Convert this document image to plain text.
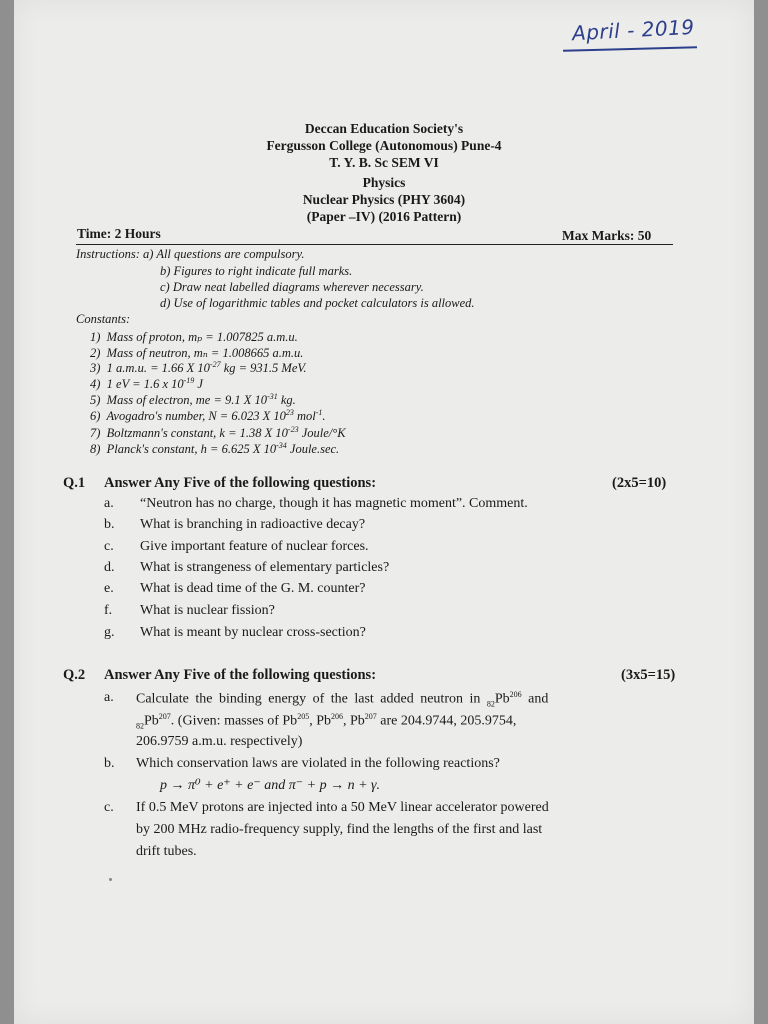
April - 2019
Deccan Education Society's
Fergusson College (Autonomous) Pune-4
T. Y. B. Sc SEM VI
Physics
Nuclear Physics (PHY 3604)
(Paper –IV) (2016 Pattern)
Time: 2 Hours	Max Marks: 50
Instructions: a) All questions are compulsory.
b) Figures to right indicate full marks.
c) Draw neat labelled diagrams wherever necessary.
d) Use of logarithmic tables and pocket calculators is allowed.
Constants:
1) Mass of proton, mₚ = 1.007825 a.m.u.
2) Mass of neutron, mₙ = 1.008665 a.m.u.
3) 1 a.m.u. = 1.66 X $10^{-27}$ kg = 931.5 MeV.
4) 1 eV = 1.6 x $10^{-19}$ J
5) Mass of electron, me = 9.1 X $10^{-31}$ kg.
6) Avogadro's number, N = 6.023 X $10^{23}$ mol$^{-1}$.
7) Boltzmann's constant, k = 1.38 X $10^{-23}$ Joule/°K
8) Planck's constant, h = 6.625 X $10^{-34}$ Joule.sec.
Q.1 Answer Any Five of the following questions:	(2x5=10)
a. “Neutron has no charge, though it has magnetic moment”. Comment.
b. What is branching in radioactive decay?
c. Give important feature of nuclear forces.
d. What is strangeness of elementary particles?
e. What is dead time of the G. M. counter?
f. What is nuclear fission?
g. What is meant by nuclear cross-section?
Q.2 Answer Any Five of the following questions:	(3x5=15)
a. Calculate the binding energy of the last added neutron in $_{82}Pb^{206}$ and
$_{82}Pb^{207}$. (Given: masses of Pb$^{205}$, Pb$^{206}$, Pb$^{207}$ are 204.9744, 205.9754,
206.9759 a.m.u. respectively)
b. Which conservation laws are violated in the following reactions?
p → π⁰ + e⁺ + e⁻ and π⁻ + p → n + γ.
c. If 0.5 MeV protons are injected into a 50 MeV linear accelerator powered
by 200 MHz radio-frequency supply, find the lengths of the first and last
drift tubes.
